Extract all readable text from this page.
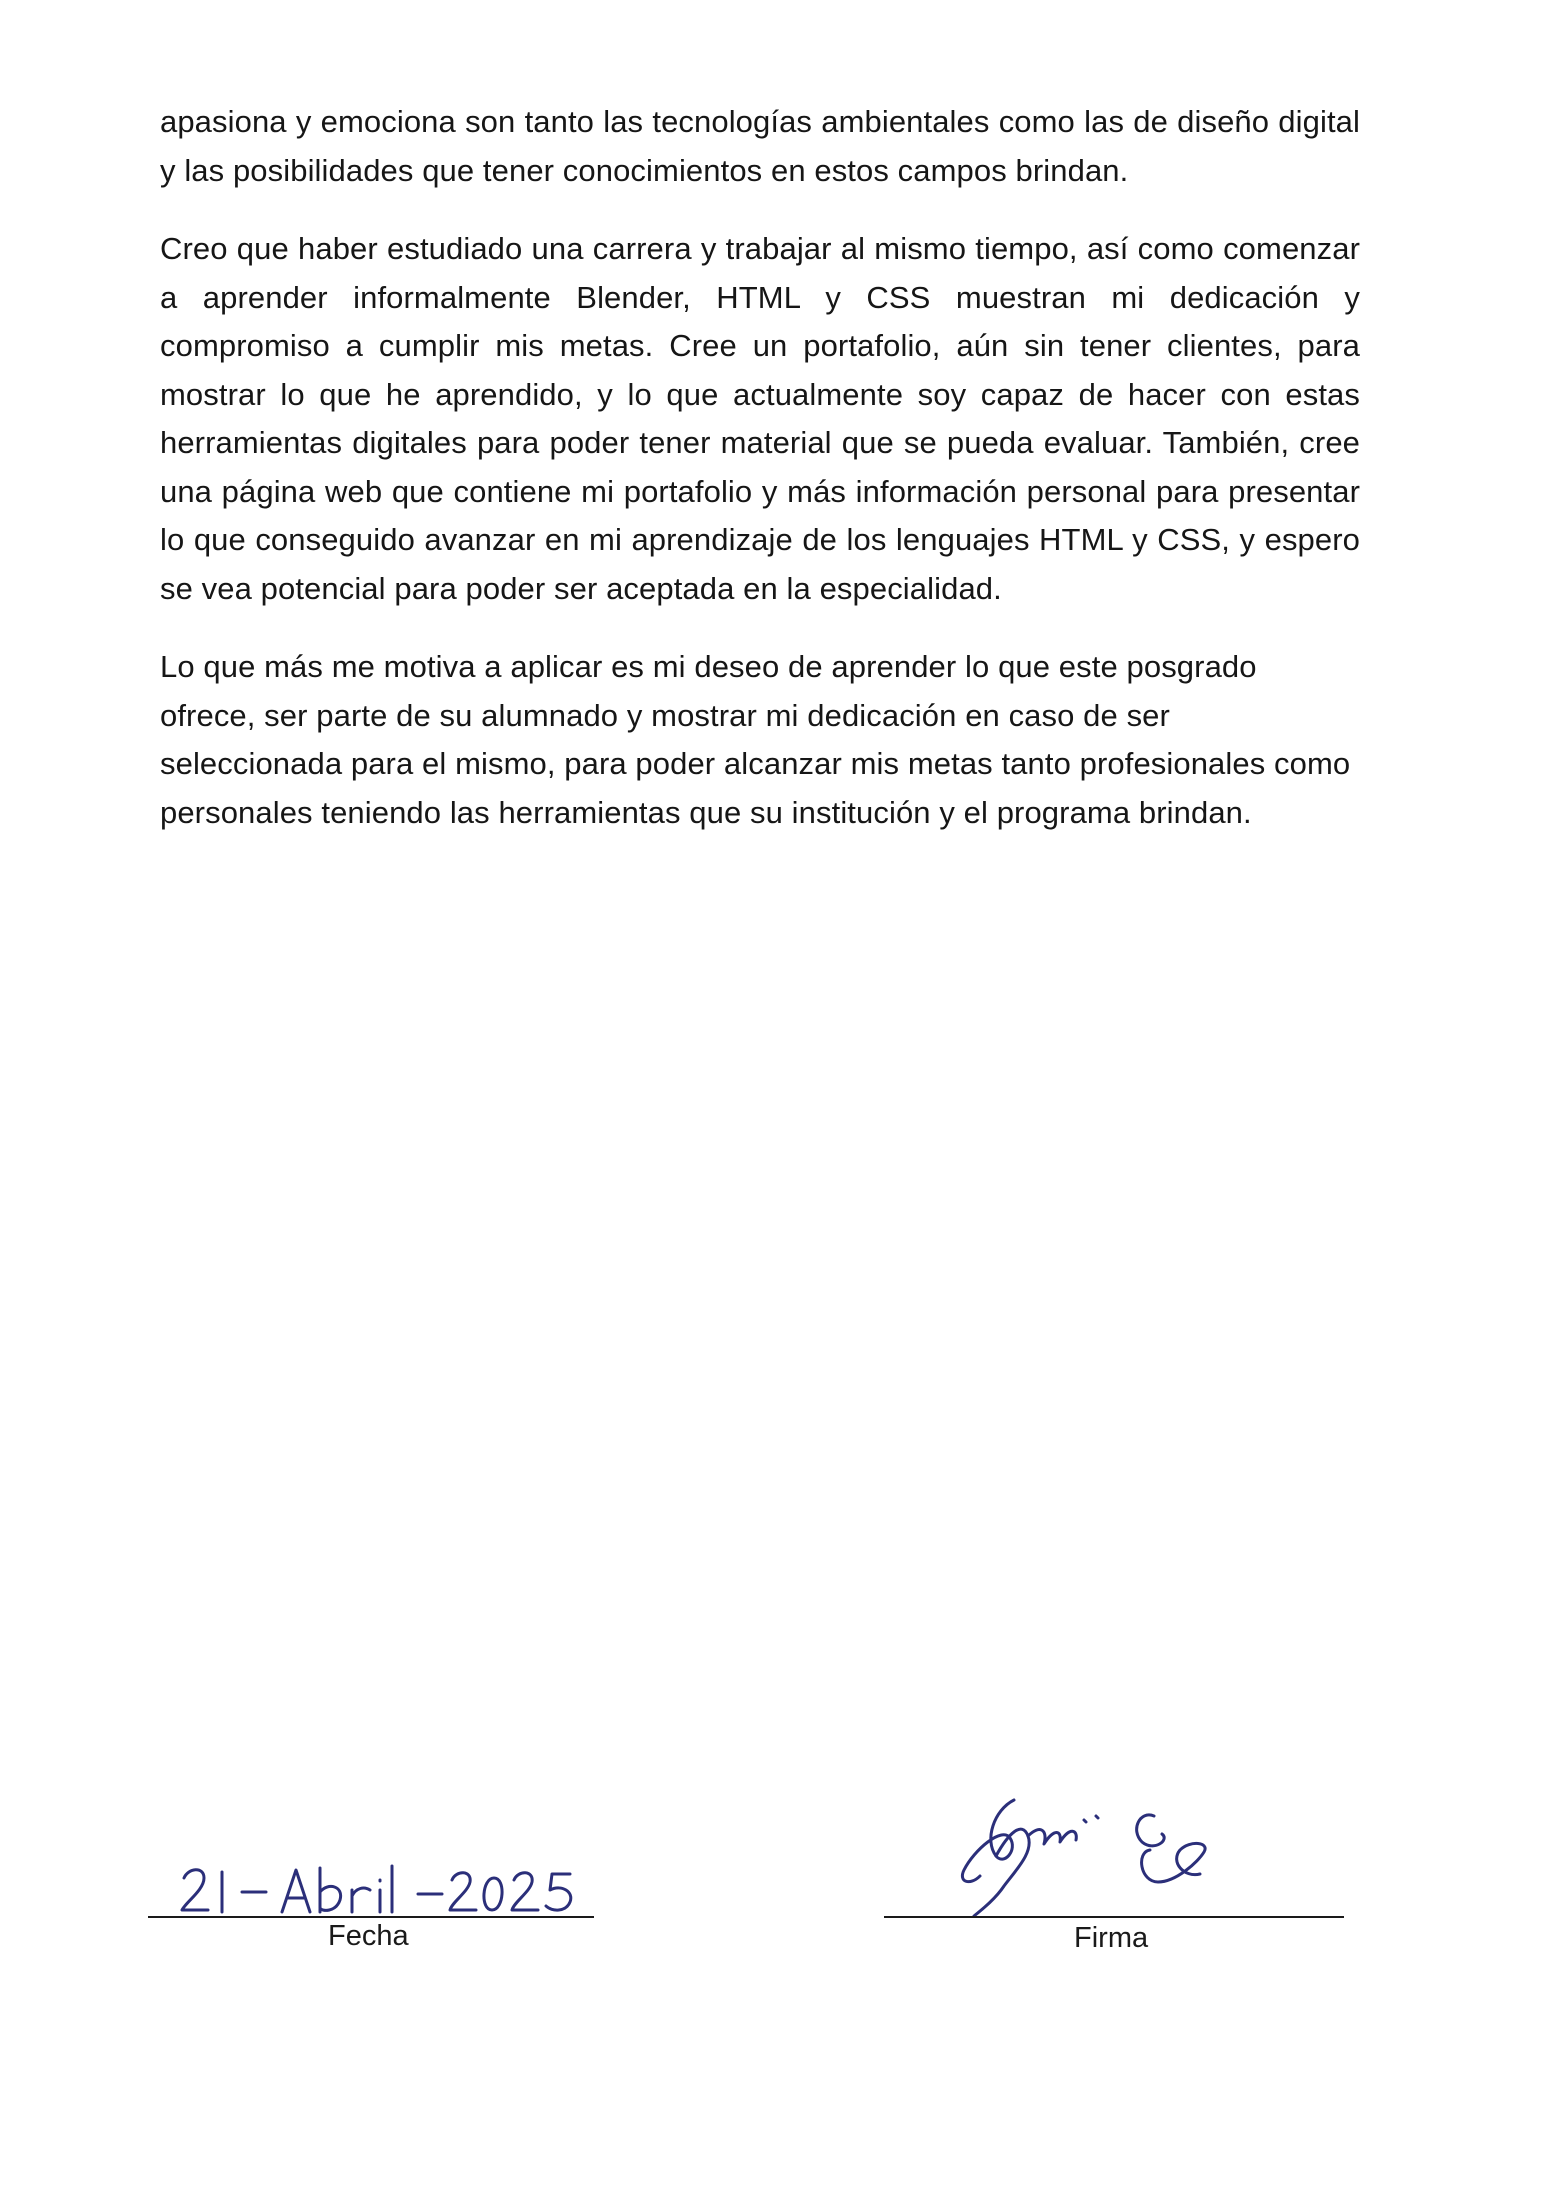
apasiona y emociona son tanto las tecnologías ambientales como las de diseño digital y las posibilidades que tener conocimientos en estos campos brindan.

Creo que haber estudiado una carrera y trabajar al mismo tiempo, así como comenzar a aprender informalmente Blender, HTML y CSS muestran mi dedicación y compromiso a cumplir mis metas. Cree un portafolio, aún sin tener clientes, para mostrar lo que he aprendido, y lo que actualmente soy capaz de hacer con estas herramientas digitales para poder tener material que se pueda evaluar. También, cree una página web que contiene mi portafolio y más información personal para presentar lo que conseguido avanzar en mi aprendizaje de los lenguajes HTML y CSS, y espero se vea potencial para poder ser aceptada en la especialidad.

Lo que más me motiva a aplicar es mi deseo de aprender lo que este posgrado ofrece, ser parte de su alumnado y mostrar mi dedicación en caso de ser seleccionada para el mismo, para poder alcanzar mis metas tanto profesionales como personales teniendo las herramientas que su institución y el programa brindan.

Fecha	Firma
